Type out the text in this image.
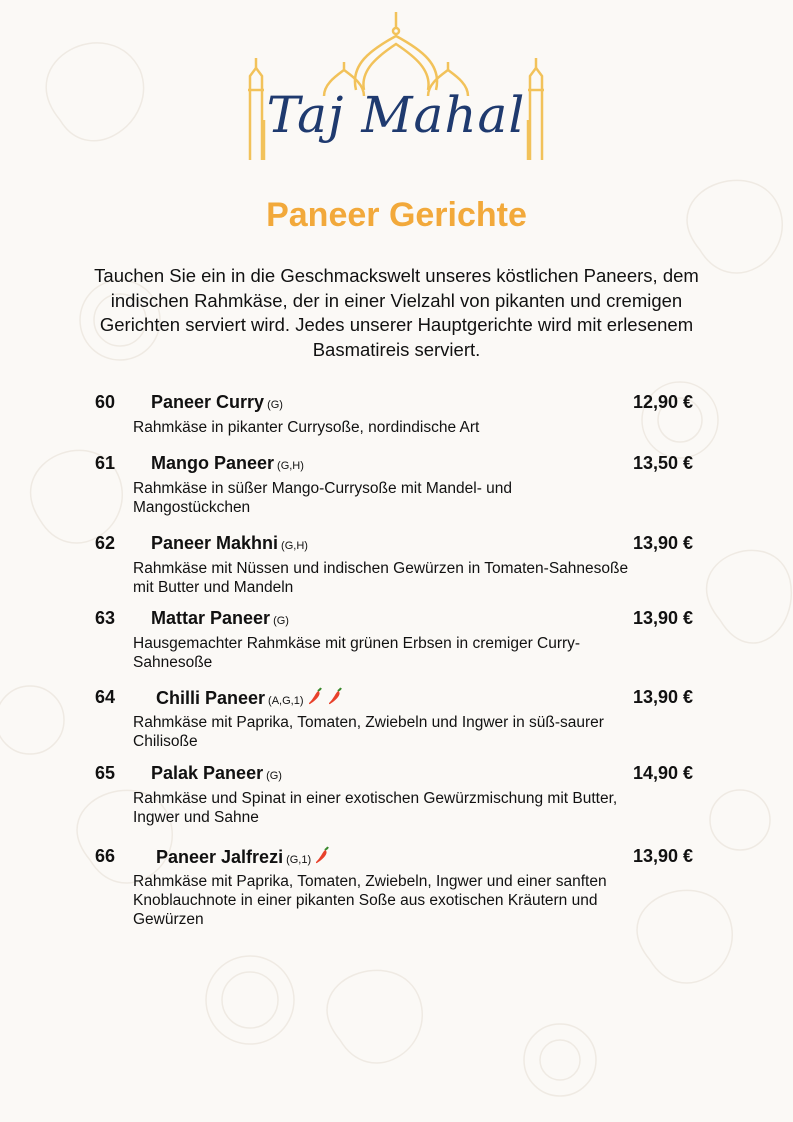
Taj Mahal
Paneer Gerichte

Tauchen Sie ein in die Geschmackswelt unseres köstlichen Paneers, dem indischen Rahmkäse, der in einer Vielzahl von pikanten und cremigen Gerichten serviert wird. Jedes unserer Hauptgerichte wird mit erlesenem Basmatireis serviert.

60 Paneer Curry (G)	12,90 €
Rahmkäse in pikanter Currysoße, nordindische Art
61 Mango Paneer (G,H)	13,50 €
Rahmkäse in süßer Mango-Currysoße mit Mandel- und Mangostückchen
62 Paneer Makhni (G,H)	13,90 €
Rahmkäse mit Nüssen und indischen Gewürzen in Tomaten-Sahnesoße mit Butter und Mandeln
63 Mattar Paneer (G)	13,90 €
Hausgemachter Rahmkäse mit grünen Erbsen in cremiger Curry-Sahnesoße
64 Chilli Paneer (A,G,1)	13,90 €
Rahmkäse mit Paprika, Tomaten, Zwiebeln und Ingwer in süß-saurer Chilisoße
65 Palak Paneer (G)	14,90 €
Rahmkäse und Spinat in einer exotischen Gewürzmischung mit Butter, Ingwer und Sahne
66 Paneer Jalfrezi (G,1)	13,90 €
Rahmkäse mit Paprika, Tomaten, Zwiebeln, Ingwer und einer sanften Knoblauchnote in einer pikanten Soße aus exotischen Kräutern und Gewürzen
